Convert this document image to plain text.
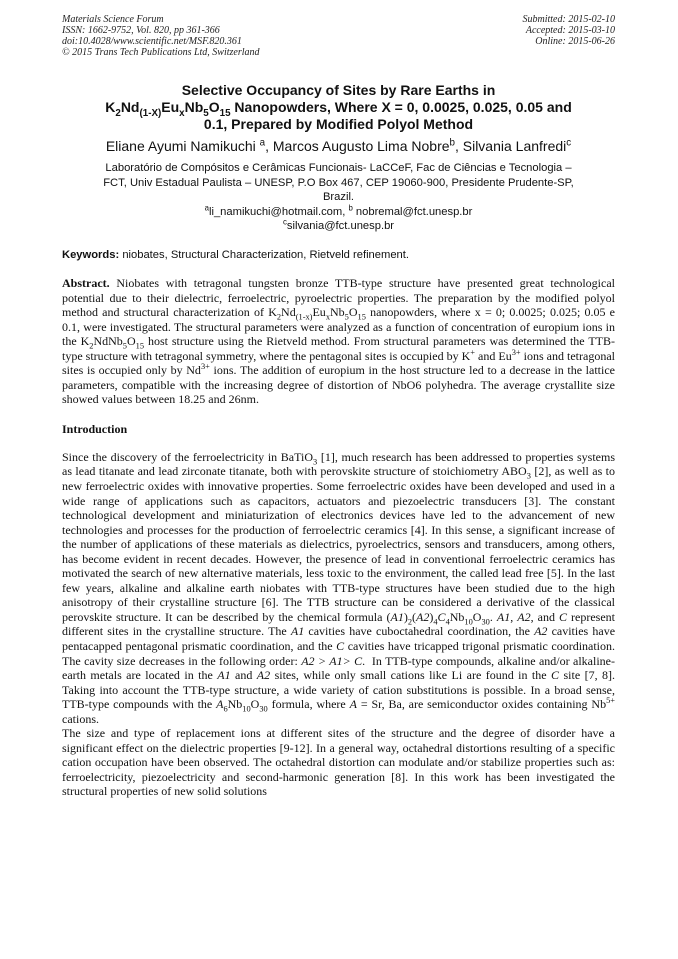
Materials Science Forum
ISSN: 1662-9752, Vol. 820, pp 361-366
doi:10.4028/www.scientific.net/MSF.820.361
© 2015 Trans Tech Publications Ltd, Switzerland
Submitted: 2015-02-10
Accepted: 2015-03-10
Online: 2015-06-26
Selective Occupancy of Sites by Rare Earths in
$K_2Nd_{(1-X)}Eu_xNb_5O_{15}$ Nanopowders, Where X = 0, 0.0025, 0.025, 0.05 and
0.1, Prepared by Modified Polyol Method
Eliane Ayumi Namikuchi $^a$, Marcos Augusto Lima Nobre$^b$, Silvania Lanfredi$^c$
Laboratório de Compósitos e Cerâmicas Funcionais- LaCCeF, Fac de Ciências e Tecnologia –
FCT, Univ Estadual Paulista – UNESP, P.O Box 467, CEP 19060-900, Presidente Prudente-SP,
Brazil.
$^a$li_namikuchi@hotmail.com, $^b$ nobremal@fct.unesp.br
$^c$silvania@fct.unesp.br
Keywords: niobates, Structural Characterization, Rietveld refinement.
Abstract. Niobates with tetragonal tungsten bronze TTB-type structure have presented great technological potential due to their dielectric, ferroelectric, pyroelectric properties. The preparation by the modified polyol method and structural characterization of $K_2Nd_{(1-x)}Eu_xNb_5O_{15}$ nanopowders, where x = 0; 0.0025; 0.025; 0.05 e 0.1, were investigated. The structural parameters were analyzed as a function of concentration of europium ions in the $K_2NdNb_5O_{15}$ host structure using the Rietveld method. From structural parameters was determined the TTB-type structure with tetragonal symmetry, where the pentagonal sites is occupied by K+ and $Eu^{3+}$ ions and tetragonal sites is occupied only by $Nd^{3+}$ ions. The addition of europium in the host structure led to a decrease in the lattice parameters, compatible with the increasing degree of distortion of NbO6 polyhedra. The average crystallite size showed values between 18.25 and 26nm.
Introduction

Since the discovery of the ferroelectricity in BaTiO$_3$ [1], much research has been addressed to properties systems as lead titanate and lead zirconate titanate, both with perovskite structure of stoichiometry $ABO_3$ [2], as well as to new ferroelectric oxides with innovative properties. Some ferroelectric oxides have been developed and used in a wide range of applications such as capacitors, actuators and piezoelectric transducers [3]. The constant technological development and miniaturization of electronics devices have led to the advancement of new technologies and processes for the production of ferroelectric ceramics [4]. In this sense, a significant increase of the number of applications of these materials as dielectrics, pyroelectrics, sensors and transducers, among others, has become evident in recent decades. However, the presence of lead in conventional ferroelectric ceramics has motivated the search of new alternative materials, less toxic to the environment, the called lead free [5]. In the last few years, alkaline and alkaline earth niobates with TTB-type structures have been studied due to the high anisotropy of their crystalline structure [6]. The TTB structure can be considered a derivative of the classical perovskite structure. It can be described by the chemical formula $(A1)_2(A2)_4C_4Nb_{10}O_{30}$. A1, A2, and C represent different sites in the crystalline structure. The A1 cavities have cuboctahedral coordination, the A2 cavities have pentacapped pentagonal prismatic coordination, and the C cavities have tricapped trigonal prismatic coordination. The cavity size decreases in the following order: A2 > A1> C.  In TTB-type compounds, alkaline and/or alkaline-earth metals are located in the A1 and A2 sites, while only small cations like Li are found in the C site [7, 8]. Taking into account the TTB-type structure, a wide variety of cation substitutions is possible. In a broad sense, TTB-type compounds with the $A_6Nb_{10}O_{30}$ formula, where A = Sr, Ba, are semiconductor oxides containing $Nb^{5+}$ cations.

The size and type of replacement ions at different sites of the structure and the degree of disorder have a significant effect on the dielectric properties [9-12]. In a general way, octahedral distortions resulting of a specific cation occupation have been observed. The octahedral distortion can modulate and/or stabilize properties such as: ferroelectricity, piezoelectricity and second-harmonic generation [8]. In this work has been investigated the structural properties of new solid solutions
